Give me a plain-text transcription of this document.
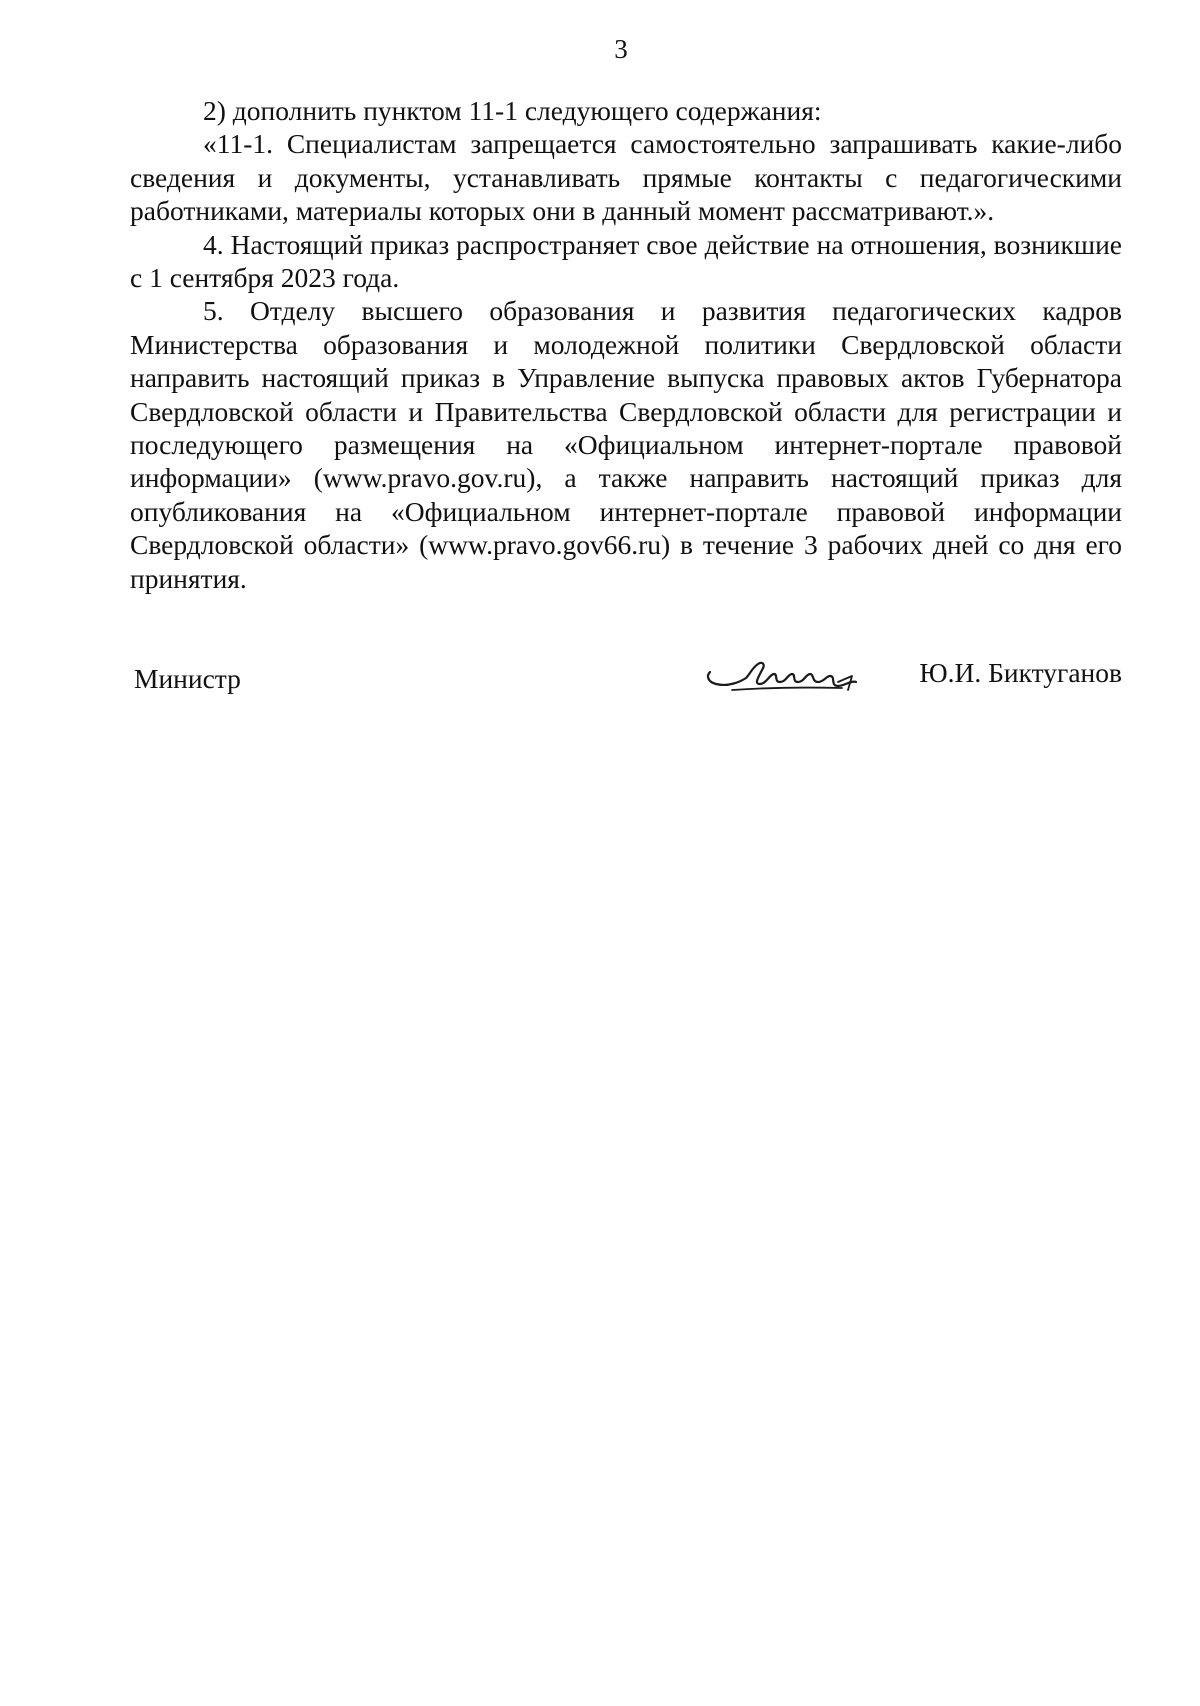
3

2) дополнить пунктом 11-1 следующего содержания:

«11-1. Специалистам запрещается самостоятельно запрашивать какие-либо сведения и документы, устанавливать прямые контакты с педагогическими работниками, материалы которых они в данный момент рассматривают.».

4. Настоящий приказ распространяет свое действие на отношения, возникшие с 1 сентября 2023 года.

5. Отделу высшего образования и развития педагогических кадров Министерства образования и молодежной политики Свердловской области направить настоящий приказ в Управление выпуска правовых актов Губернатора Свердловской области и Правительства Свердловской области для регистрации и последующего размещения на «Официальном интернет-портале правовой информации» (www.pravo.gov.ru), а также направить настоящий приказ для опубликования на «Официальном интернет-портале правовой информации Свердловской области» (www.pravo.gov66.ru) в течение 3 рабочих дней со дня его принятия.

Министр	Ю.И. Биктуганов
